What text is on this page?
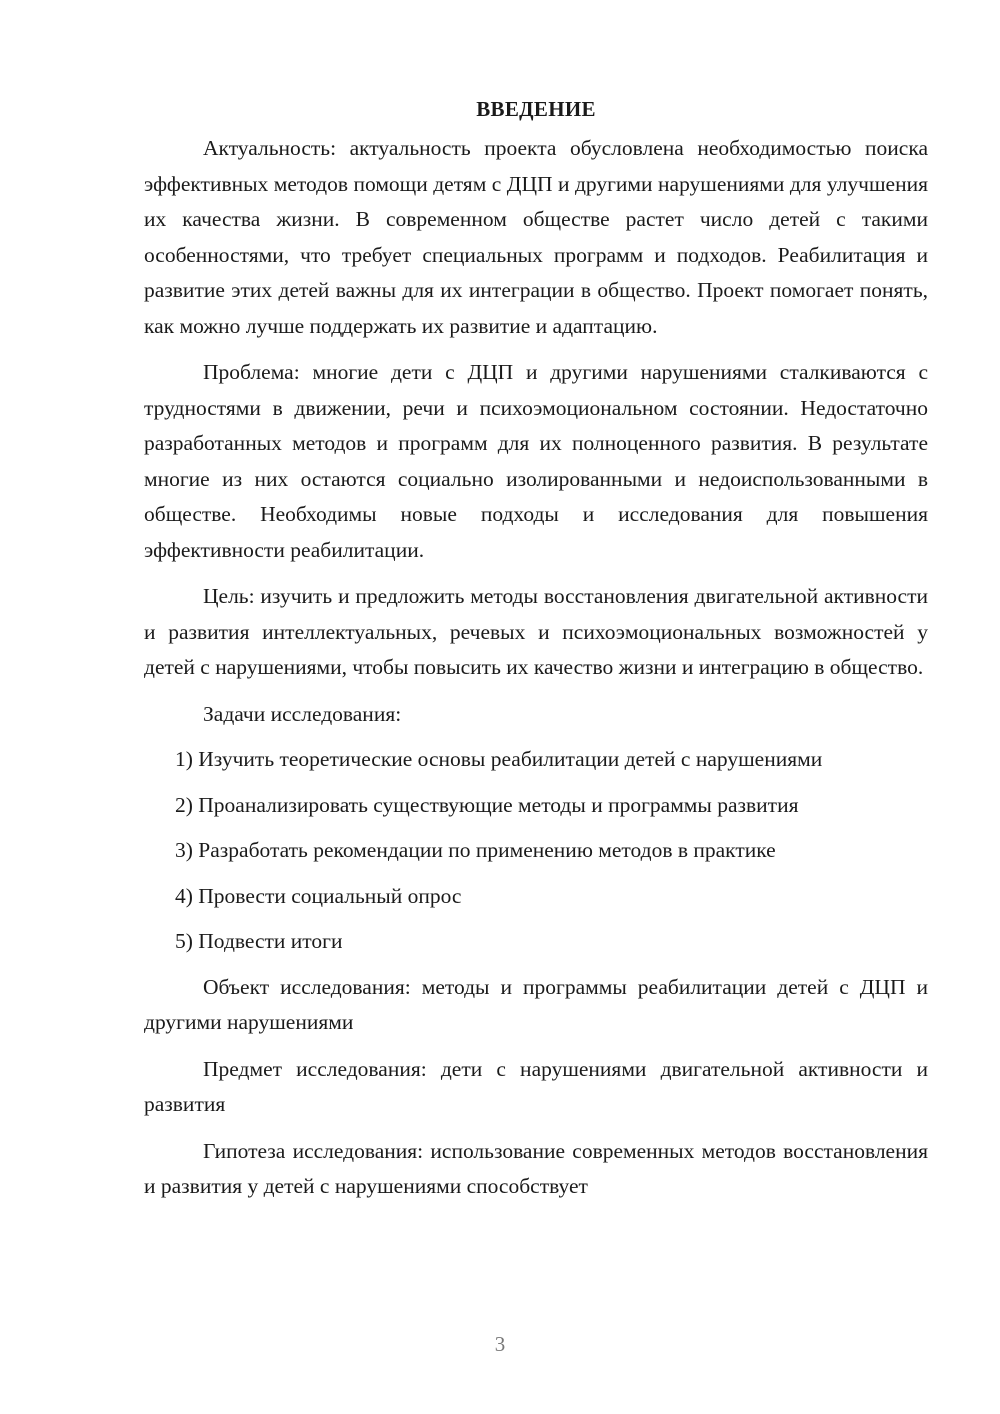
ВВЕДЕНИЕ

Актуальность: актуальность проекта обусловлена необходимостью поиска эффективных методов помощи детям с ДЦП и другими нарушениями для улучшения их качества жизни. В современном обществе растет число детей с такими особенностями, что требует специальных программ и подходов. Реабилитация и развитие этих детей важны для их интеграции в общество. Проект помогает понять, как можно лучше поддержать их развитие и адаптацию.

Проблема: многие дети с ДЦП и другими нарушениями сталкиваются с трудностями в движении, речи и психоэмоциональном состоянии. Недостаточно разработанных методов и программ для их полноценного развития. В результате многие из них остаются социально изолированными и недоиспользованными в обществе. Необходимы новые подходы и исследования для повышения эффективности реабилитации.

Цель: изучить и предложить методы восстановления двигательной активности и развития интеллектуальных, речевых и психоэмоциональных возможностей у детей с нарушениями, чтобы повысить их качество жизни и интеграцию в общество.

Задачи исследования:

1) Изучить теоретические основы реабилитации детей с нарушениями
2) Проанализировать существующие методы и программы развития
3) Разработать рекомендации по применению методов в практике
4) Провести социальный опрос
5) Подвести итоги

Объект исследования: методы и программы реабилитации детей с ДЦП и другими нарушениями

Предмет исследования: дети с нарушениями двигательной активности и развития

Гипотеза исследования: использование современных методов восстановления и развития у детей с нарушениями способствует

3
